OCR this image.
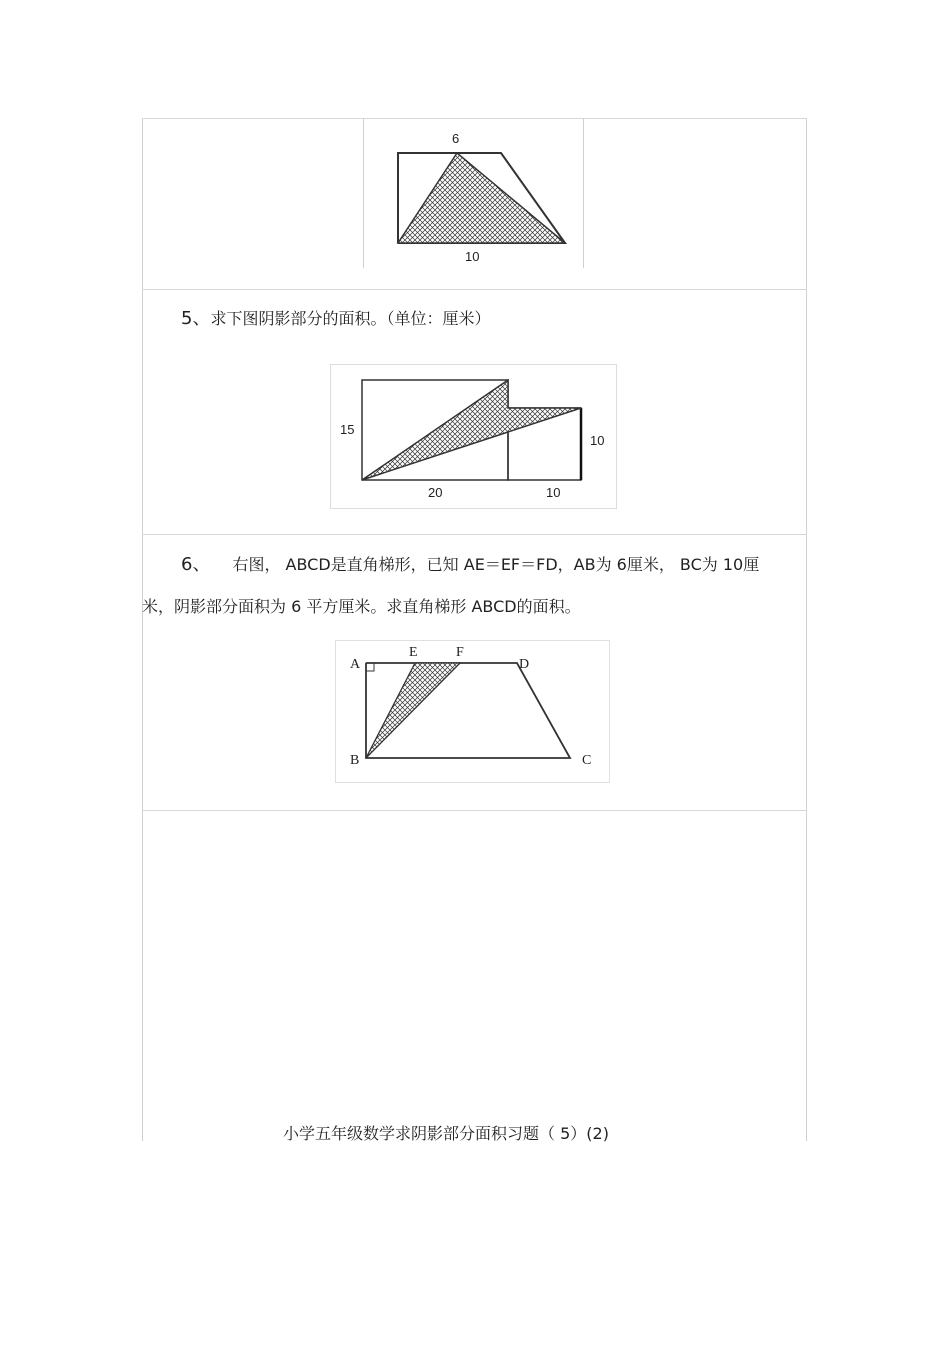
6
10
5、求下图阴影部分的面积。（单位：厘米）
15
10
20	10
6、 右图， ABCD是直角梯形，已知 AE＝EF＝FD，AB为 6厘米， BC为 10厘
米，阴影部分面积为 6 平方厘米。求直角梯形 ABCD的面积。
A
E	F
D
B	C
小学五年级数学求阴影部分面积习题（ 5）(2)
